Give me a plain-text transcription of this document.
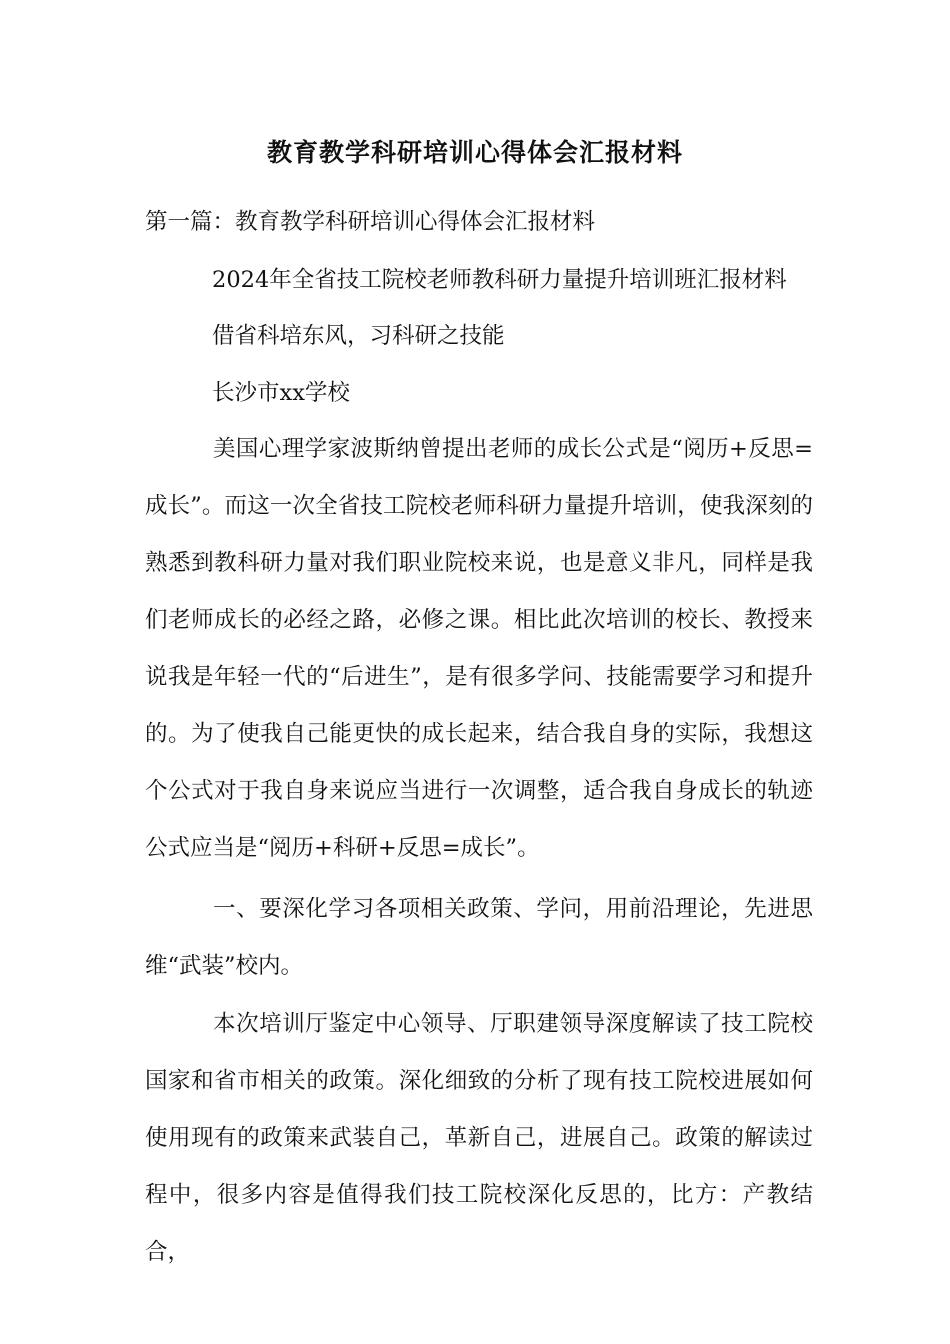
教育教学科研培训心得体会汇报材料
第一篇：教育教学科研培训心得体会汇报材料
2024年全省技工院校老师教科研力量提升培训班汇报材料
借省科培东风，习科研之技能
长沙市xx学校
美国心理学家波斯纳曾提出老师的成长公式是“阅历+反思=成长”。而这一次全省技工院校老师科研力量提升培训，使我深刻的熟悉到教科研力量对我们职业院校来说，也是意义非凡，同样是我们老师成长的必经之路，必修之课。相比此次培训的校长、教授来说我是年轻一代的“后进生”，是有很多学问、技能需要学习和提升的。为了使我自己能更快的成长起来，结合我自身的实际，我想这个公式对于我自身来说应当进行一次调整，适合我自身成长的轨迹公式应当是“阅历+科研+反思=成长”。
一、要深化学习各项相关政策、学问，用前沿理论，先进思维“武装”校内。
本次培训厅鉴定中心领导、厅职建领导深度解读了技工院校国家和省市相关的政策。深化细致的分析了现有技工院校进展如何使用现有的政策来武装自己，革新自己，进展自己。政策的解读过程中，很多内容是值得我们技工院校深化反思的，比方：产教结合，
